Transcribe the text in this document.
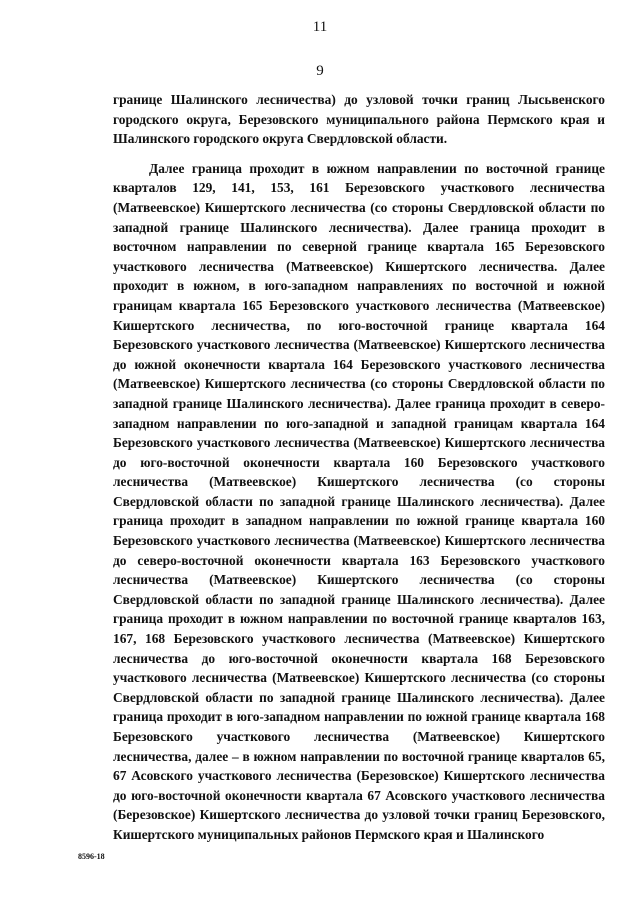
11
9

границе Шалинского лесничества) до узловой точки границ Лысьвенского городского округа, Березовского муниципального района Пермского края и Шалинского городского округа Свердловской области.

Далее граница проходит в южном направлении по восточной границе кварталов 129, 141, 153, 161 Березовского участкового лесничества (Матвеевское) Кишертского лесничества (со стороны Свердловской области по западной границе Шалинского лесничества). Далее граница проходит в восточном направлении по северной границе квартала 165 Березовского участкового лесничества (Матвеевское) Кишертского лесничества. Далее проходит в южном, в юго-западном направлениях по восточной и южной границам квартала 165 Березовского участкового лесничества (Матвеевское) Кишертского лесничества, по юго-восточной границе квартала 164 Березовского участкового лесничества (Матвеевское) Кишертского лесничества до южной оконечности квартала 164 Березовского участкового лесничества (Матвеевское) Кишертского лесничества (со стороны Свердловской области по западной границе Шалинского лесничества). Далее граница проходит в северо-западном направлении по юго-западной и западной границам квартала 164 Березовского участкового лесничества (Матвеевское) Кишертского лесничества до юго-восточной оконечности квартала 160 Березовского участкового лесничества (Матвеевское) Кишертского лесничества (со стороны Свердловской области по западной границе Шалинского лесничества). Далее граница проходит в западном направлении по южной границе квартала 160 Березовского участкового лесничества (Матвеевское) Кишертского лесничества до северо-восточной оконечности квартала 163 Березовского участкового лесничества (Матвеевское) Кишертского лесничества (со стороны Свердловской области по западной границе Шалинского лесничества). Далее граница проходит в южном направлении по восточной границе кварталов 163, 167, 168 Березовского участкового лесничества (Матвеевское) Кишертского лесничества до юго-восточной оконечности квартала 168 Березовского участкового лесничества (Матвеевское) Кишертского лесничества (со стороны Свердловской области по западной границе Шалинского лесничества). Далее граница проходит в юго-западном направлении по южной границе квартала 168 Березовского участкового лесничества (Матвеевское) Кишертского лесничества, далее – в южном направлении по восточной границе кварталов 65, 67 Асовского участкового лесничества (Березовское) Кишертского лесничества до юго-восточной оконечности квартала 67 Асовского участкового лесничества (Березовское) Кишертского лесничества до узловой точки границ Березовского, Кишертского муниципальных районов Пермского края и Шалинского

8596-18
